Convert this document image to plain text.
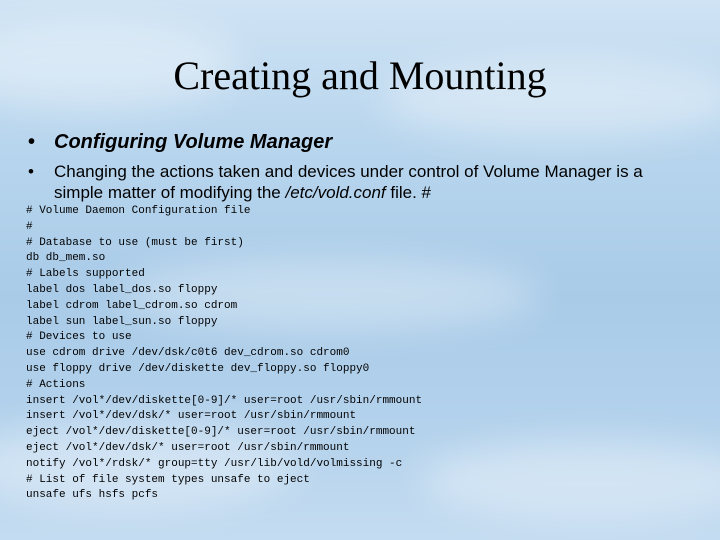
Creating and Mounting
• Configuring Volume Manager
• Changing the actions taken and devices under control of Volume Manager is a simple matter of modifying the /etc/vold.conf file. #
# Volume Daemon Configuration file
#
# Database to use (must be first)
db db_mem.so
# Labels supported
label dos label_dos.so floppy
label cdrom label_cdrom.so cdrom
label sun label_sun.so floppy
# Devices to use
use cdrom drive /dev/dsk/c0t6 dev_cdrom.so cdrom0
use floppy drive /dev/diskette dev_floppy.so floppy0
# Actions
insert /vol*/dev/diskette[0-9]/* user=root /usr/sbin/rmmount
insert /vol*/dev/dsk/* user=root /usr/sbin/rmmount
eject /vol*/dev/diskette[0-9]/* user=root /usr/sbin/rmmount
eject /vol*/dev/dsk/* user=root /usr/sbin/rmmount
notify /vol*/rdsk/* group=tty /usr/lib/vold/volmissing -c
# List of file system types unsafe to eject
unsafe ufs hsfs pcfs
